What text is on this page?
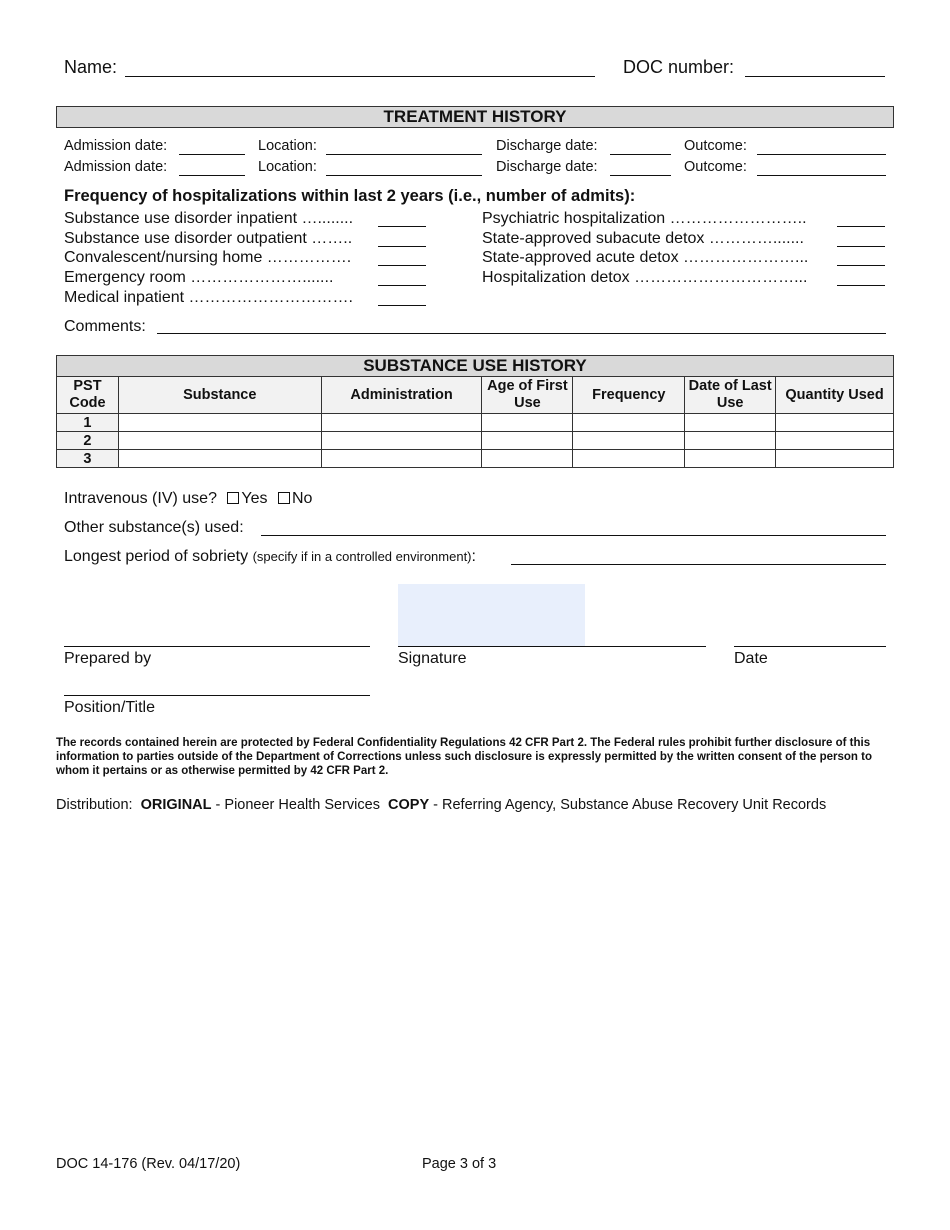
Name:	DOC number:
TREATMENT HISTORY
Admission date:	Location:	Discharge date:	Outcome:
Admission date:	Location:	Discharge date:	Outcome:
Frequency of hospitalizations within last 2 years (i.e., number of admits):
Substance use disorder inpatient …........
Substance use disorder outpatient ……..
Convalescent/nursing home …………….
Emergency room ………………….......
Medical inpatient ………………………….
Psychiatric hospitalization ……………………..
State-approved subacute detox ………….......
State-approved acute detox …………………...
Hospitalization detox …………………………...
Comments:
SUBSTANCE USE HISTORY
PST Code	Substance	Administration	Age of First Use	Frequency	Date of Last Use	Quantity Used
1						
2						
3						
Intravenous (IV) use? Yes No
Other substance(s) used:
Longest period of sobriety (specify if in a controlled environment):
Prepared by	Signature	Date
Position/Title
The records contained herein are protected by Federal Confidentiality Regulations 42 CFR Part 2. The Federal rules prohibit further disclosure of this information to parties outside of the Department of Corrections unless such disclosure is expressly permitted by the written consent of the person to whom it pertains or as otherwise permitted by 42 CFR Part 2.
Distribution: ORIGINAL - Pioneer Health Services COPY - Referring Agency, Substance Abuse Recovery Unit Records
DOC 14-176 (Rev. 04/17/20)	Page 3 of 3
